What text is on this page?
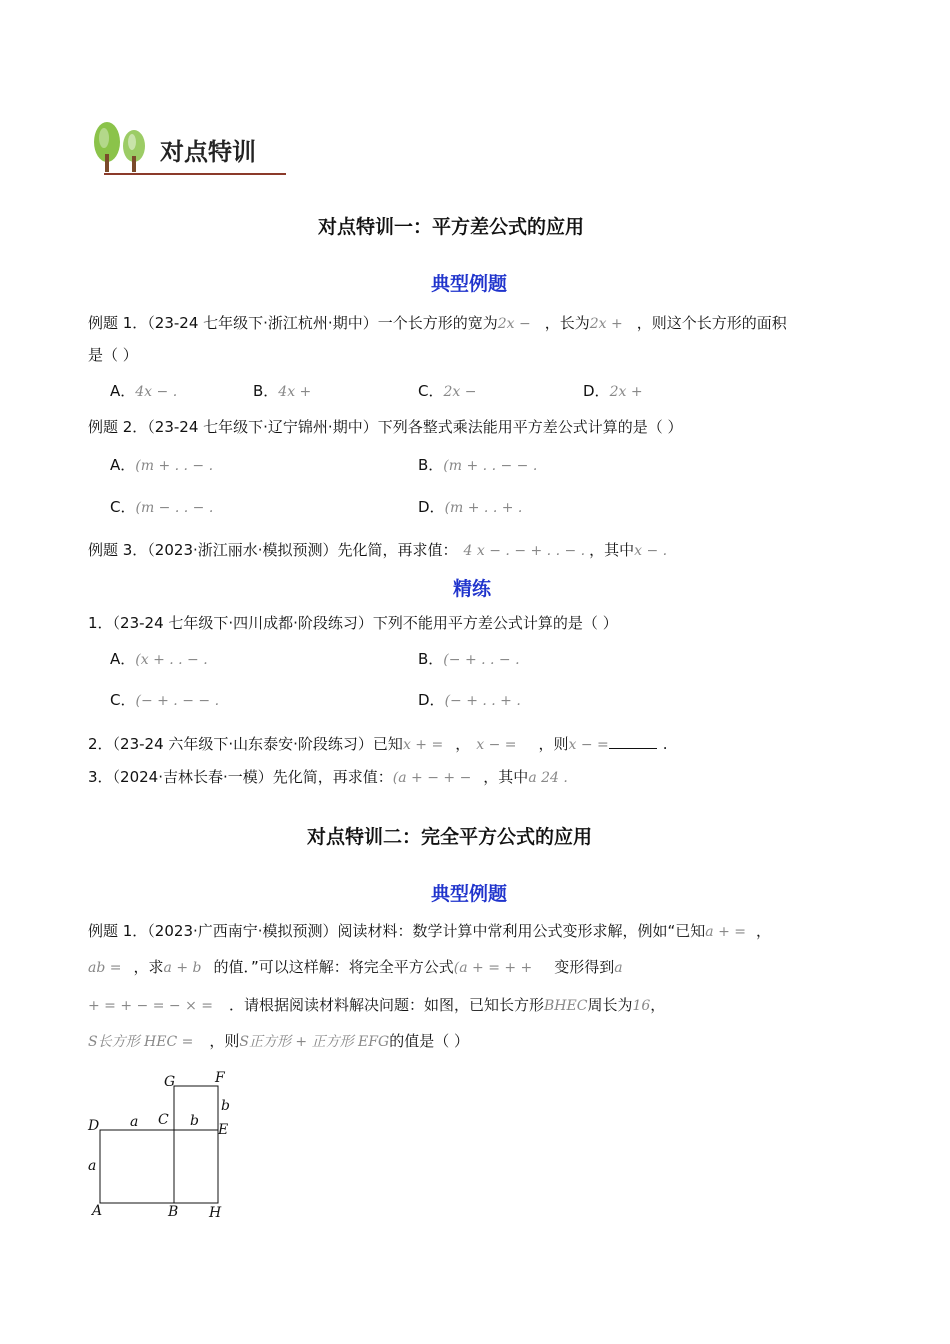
对点特训
对点特训一：平方差公式的应用
典型例题
例题 1．（23-24 七年级下·浙江杭州·期中）一个长方形的宽为2x − ，长为2x + ，则这个长方形的面积
是（ ）
A．4x − .	B．4x +	C．2x −	D．2x +
例题 2．（23-24 七年级下·辽宁锦州·期中）下列各整式乘法能用平方差公式计算的是（ ）
A．(m + . . − .	B．(m + . . − − .
C．(m − . . − .	D．(m + . . + .
例题 3．（2023·浙江丽水·模拟预测）先化简，再求值： 4 x − . − + . . − . ，其中x − .
精练
1．（23-24 七年级下·四川成都·阶段练习）下列不能用平方差公式计算的是（ ）
A．(x + . . − .	B．(− + . . − .
C．(− + . − − .	D．(− + . . + .
2．（23-24 六年级下·山东泰安·阶段练习）已知x + = ， x − = ，则x − =	.
3．（2024·吉林长春·一模）先化简，再求值：(a + − + − ，其中a 24 .
对点特训二：完全平方公式的应用
典型例题
例题 1．（2023·广西南宁·模拟预测）阅读材料：数学计算中常利用公式变形求解，例如“已知a + = ，
ab = ，求a + b 的值．”可以这样解：将完全平方公式(a + = + + 变形得到a
+ = + − = − × = ．请根据阅读材料解决问题：如图，已知长方形BHEC周长为16，
S长方形 HEC = ，则S正方形 + 正方形 EFG的值是（ ）
G	F
D a C b
b
E
a
A	B H
